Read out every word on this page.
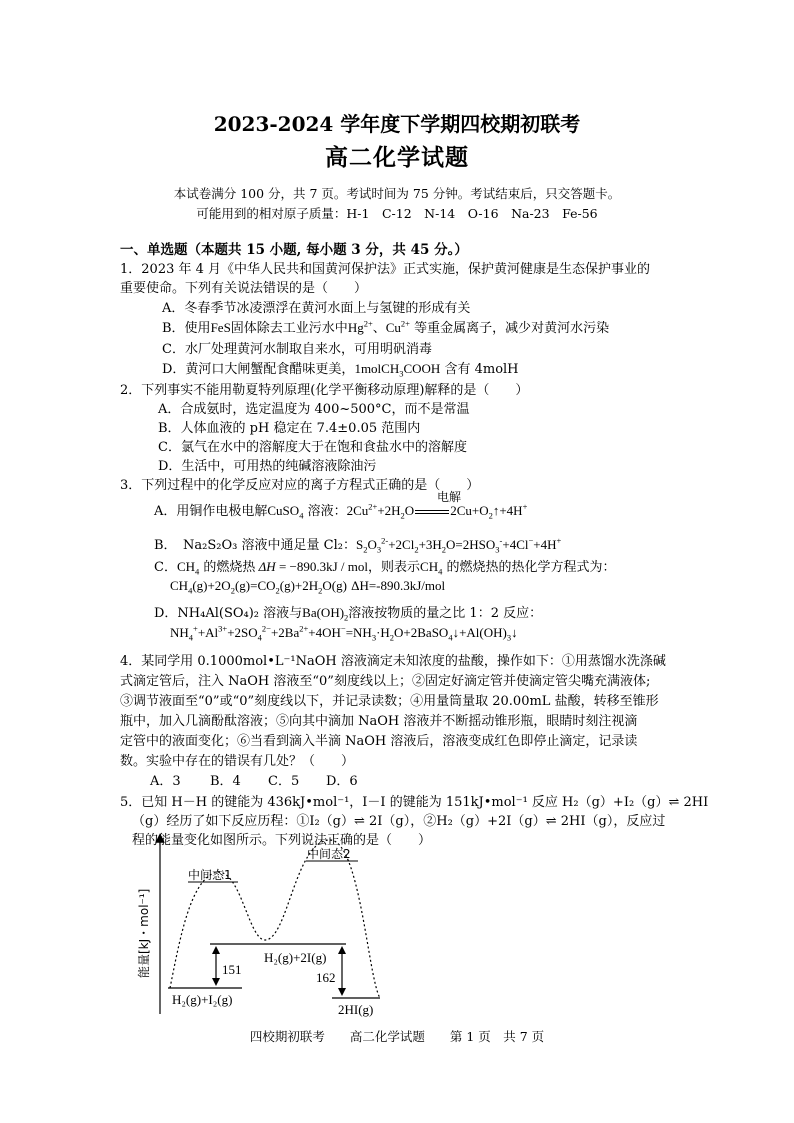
2023-2024 学年度下学期四校期初联考
高二化学试题
本试卷满分 100 分，共 7 页。考试时间为 75 分钟。考试结束后，只交答题卡。
可能用到的相对原子质量：H-1　C-12　N-14　O-16　Na-23　Fe-56
一、单选题（本题共 15 小题, 每小题 3 分，共 45 分。）
1．2023 年 4 月《中华人民共和国黄河保护法》正式实施，保护黄河健康是生态保护事业的
重要使命。下列有关说法错误的是（　　）
A．冬春季节冰凌漂浮在黄河水面上与氢键的形成有关
B．使用FeS固体除去工业污水中$Hg^{2+}$、$Cu^{2+}$ 等重金属离子，减少对黄河水污染
C．水厂处理黄河水制取自来水，可用明矾消毒
D．黄河口大闸蟹配食醋味更美，1molCH$_3$COOH 含有 4molH
2．下列事实不能用勒夏特列原理(化学平衡移动原理)解释的是（　　）
A．合成氨时，选定温度为 400~500°C，而不是常温
B．人体血液的 pH 稳定在 7.4±0.05 范围内
C．氯气在水中的溶解度大于在饱和食盐水中的溶解度
D．生活中，可用热的纯碱溶液除油污
3．下列过程中的化学反应对应的离子方程式正确的是（　　）
电解
A．用铜作电极电解CuSO$_4$ 溶液：$2Cu^{2+}+2H_2O$	$2Cu+O_2↑+4H^+$
B．　Na₂S₂O₃ 溶液中通足量 Cl₂：$S_2O_3^{2-}+2Cl_2+3H_2O=2HSO_3^-+4Cl^-+4H^+$
C．$CH_4$ 的燃烧热 ΔH = −890.3kJ / mol，则表示$CH_4$ 的燃烧热的热化学方程式为：
$CH_4(g)+2O_2(g)=CO_2(g)+2H_2O(g)$ ΔH=-890.3kJ/mol
D．NH₄Al(SO₄)₂ 溶液与$Ba(OH)_2$溶液按物质的量之比 1：2 反应：
$NH_4^++Al^{3+}+2SO_4^{2-}+2Ba^{2+}+4OH^-=NH_3\cdot H_2O+2BaSO_4↓+Al(OH)_3↓$
4．某同学用 0.1000mol•L⁻¹NaOH 溶液滴定未知浓度的盐酸，操作如下：①用蒸馏水洗涤碱
式滴定管后，注入 NaOH 溶液至“0”刻度线以上；②固定好滴定管并使滴定管尖嘴充满液体;
③调节液面至“0”或“0”刻度线以下，并记录读数；④用量筒量取 20.00mL 盐酸，转移至锥形
瓶中，加入几滴酚酞溶液；⑤向其中滴加 NaOH 溶液并不断摇动锥形瓶，眼睛时刻注视滴
定管中的液面变化；⑥当看到滴入半滴 NaOH 溶液后，溶液变成红色即停止滴定，记录读
数。实验中存在的错误有几处？（　　）
A．3 B．4 C．5 D．6
5．已知 H－H 的键能为 436kJ•mol⁻¹，I－I 的键能为 151kJ•mol⁻¹ 反应 H₂（g）+I₂（g）⇌ 2HI
（g）经历了如下反应历程：①I₂（g）⇌ 2I（g），②H₂（g）+2I（g）⇌ 2HI（g），反应过
程的能量变化如图所示。下列说法正确的是（　　）
能量[kJ・mol⁻¹]
中间态1
中间态2
151
162
H₂(g)+I₂(g)
H₂(g)+2I(g)
2HI(g)
四校期初联考　　高二化学试题　　第 1 页　共 7 页
